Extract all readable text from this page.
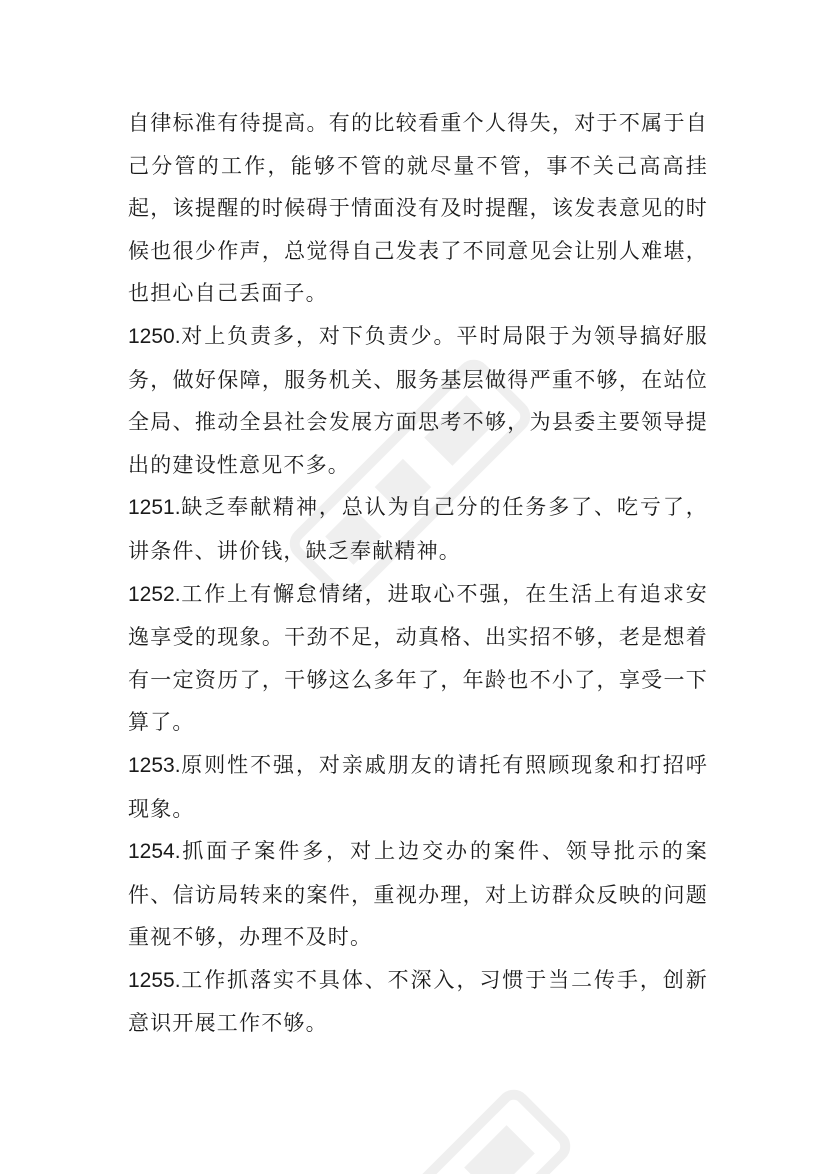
自律标准有待提高。有的比较看重个人得失，对于不属于自己分管的工作，能够不管的就尽量不管，事不关己高高挂起，该提醒的时候碍于情面没有及时提醒，该发表意见的时候也很少作声，总觉得自己发表了不同意见会让别人难堪，也担心自己丢面子。

1250.对上负责多，对下负责少。平时局限于为领导搞好服务，做好保障，服务机关、服务基层做得严重不够，在站位全局、推动全县社会发展方面思考不够，为县委主要领导提出的建设性意见不多。

1251.缺乏奉献精神，总认为自己分的任务多了、吃亏了，讲条件、讲价钱，缺乏奉献精神。

1252.工作上有懈怠情绪，进取心不强，在生活上有追求安逸享受的现象。干劲不足，动真格、出实招不够，老是想着有一定资历了，干够这么多年了，年龄也不小了，享受一下算了。

1253.原则性不强，对亲戚朋友的请托有照顾现象和打招呼现象。

1254.抓面子案件多，对上边交办的案件、领导批示的案件、信访局转来的案件，重视办理，对上访群众反映的问题重视不够，办理不及时。

1255.工作抓落实不具体、不深入，习惯于当二传手，创新意识开展工作不够。
